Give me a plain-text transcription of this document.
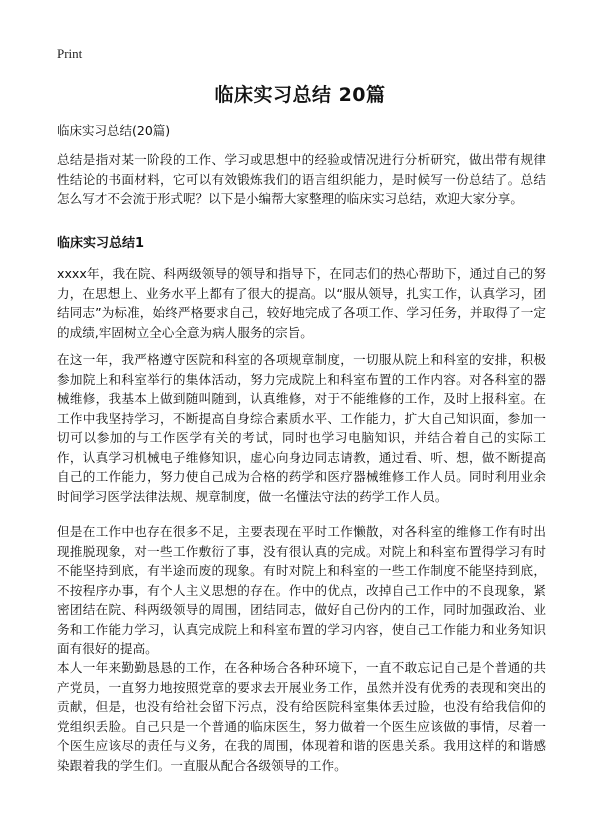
Print
临床实习总结 20篇

临床实习总结(20篇)

总结是指对某一阶段的工作、学习或思想中的经验或情况进行分析研究，做出带有规律性结论的书面材料，它可以有效锻炼我们的语言组织能力，是时候写一份总结了。总结怎么写才不会流于形式呢？以下是小编帮大家整理的临床实习总结，欢迎大家分享。

临床实习总结1

xxxx年，我在院、科两级领导的领导和指导下，在同志们的热心帮助下，通过自己的努力，在思想上、业务水平上都有了很大的提高。以“服从领导，扎实工作，认真学习，团结同志”为标准，始终严格要求自己，较好地完成了各项工作、学习任务，并取得了一定的成绩,牢固树立全心全意为病人服务的宗旨。

在这一年，我严格遵守医院和科室的各项规章制度，一切服从院上和科室的安排，积极参加院上和科室举行的集体活动，努力完成院上和科室布置的工作内容。对各科室的器械维修，我基本上做到随叫随到，认真维修，对于不能维修的工作，及时上报科室。在工作中我坚持学习，不断提高自身综合素质水平、工作能力，扩大自己知识面，参加一切可以参加的与工作医学有关的考试，同时也学习电脑知识，并结合着自己的实际工作，认真学习机械电子维修知识，虚心向身边同志请教，通过看、听、想，做不断提高自己的工作能力，努力使自己成为合格的药学和医疗器械维修工作人员。同时利用业余时间学习医学法律法规、规章制度，做一名懂法守法的药学工作人员。

但是在工作中也存在很多不足，主要表现在平时工作懒散，对各科室的维修工作有时出现推脱现象，对一些工作敷衍了事，没有很认真的完成。对院上和科室布置得学习有时不能坚持到底，有半途而废的现象。有时对院上和科室的一些工作制度不能坚持到底，不按程序办事，有个人主义思想的存在。作中的优点，改掉自己工作中的不良现象，紧密团结在院、科两级领导的周围，团结同志，做好自己份内的工作，同时加强政治、业务和工作能力学习，认真完成院上和科室布置的学习内容，使自己工作能力和业务知识面有很好的提高。

本人一年来勤勤恳恳的工作，在各种场合各种环境下，一直不敢忘记自己是个普通的共产党员，一直努力地按照党章的要求去开展业务工作，虽然并没有优秀的表现和突出的贡献，但是，也没有给社会留下污点，没有给医院科室集体丢过脸，也没有给我信仰的党组织丢脸。自己只是一个普通的临床医生，努力做着一个医生应该做的事情，尽着一个医生应该尽的责任与义务，在我的周围，体现着和谐的医患关系。我用这样的和谐感染跟着我的学生们。一直服从配合各级领导的工作。
